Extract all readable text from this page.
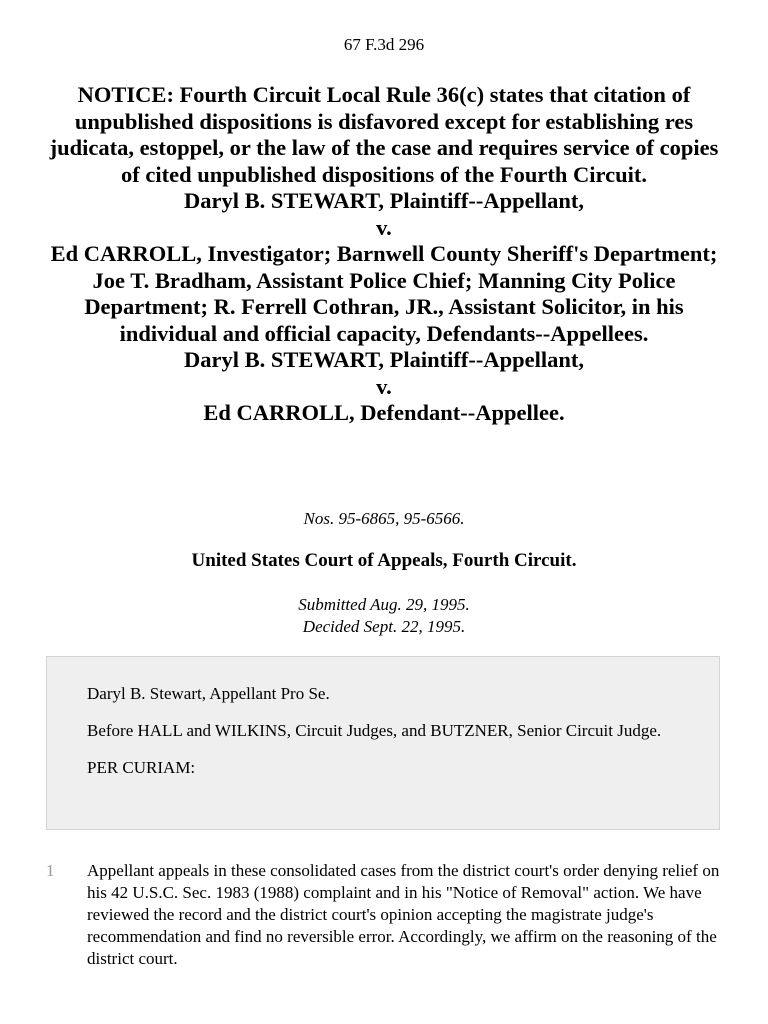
67 F.3d 296
NOTICE: Fourth Circuit Local Rule 36(c) states that citation of unpublished dispositions is disfavored except for establishing res judicata, estoppel, or the law of the case and requires service of copies of cited unpublished dispositions of the Fourth Circuit.
Daryl B. STEWART, Plaintiff--Appellant,
v.
Ed CARROLL, Investigator; Barnwell County Sheriff's Department; Joe T. Bradham, Assistant Police Chief; Manning City Police Department; R. Ferrell Cothran, JR., Assistant Solicitor, in his individual and official capacity, Defendants--Appellees.
Daryl B. STEWART, Plaintiff--Appellant,
v.
Ed CARROLL, Defendant--Appellee.
Nos. 95-6865, 95-6566.
United States Court of Appeals, Fourth Circuit.
Submitted Aug. 29, 1995.
Decided Sept. 22, 1995.

Daryl B. Stewart, Appellant Pro Se.

Before HALL and WILKINS, Circuit Judges, and BUTZNER, Senior Circuit Judge.

PER CURIAM:

1 Appellant appeals in these consolidated cases from the district court's order denying relief on his 42 U.S.C. Sec. 1983 (1988) complaint and in his "Notice of Removal" action. We have reviewed the record and the district court's opinion accepting the magistrate judge's recommendation and find no reversible error. Accordingly, we affirm on the reasoning of the district court.
